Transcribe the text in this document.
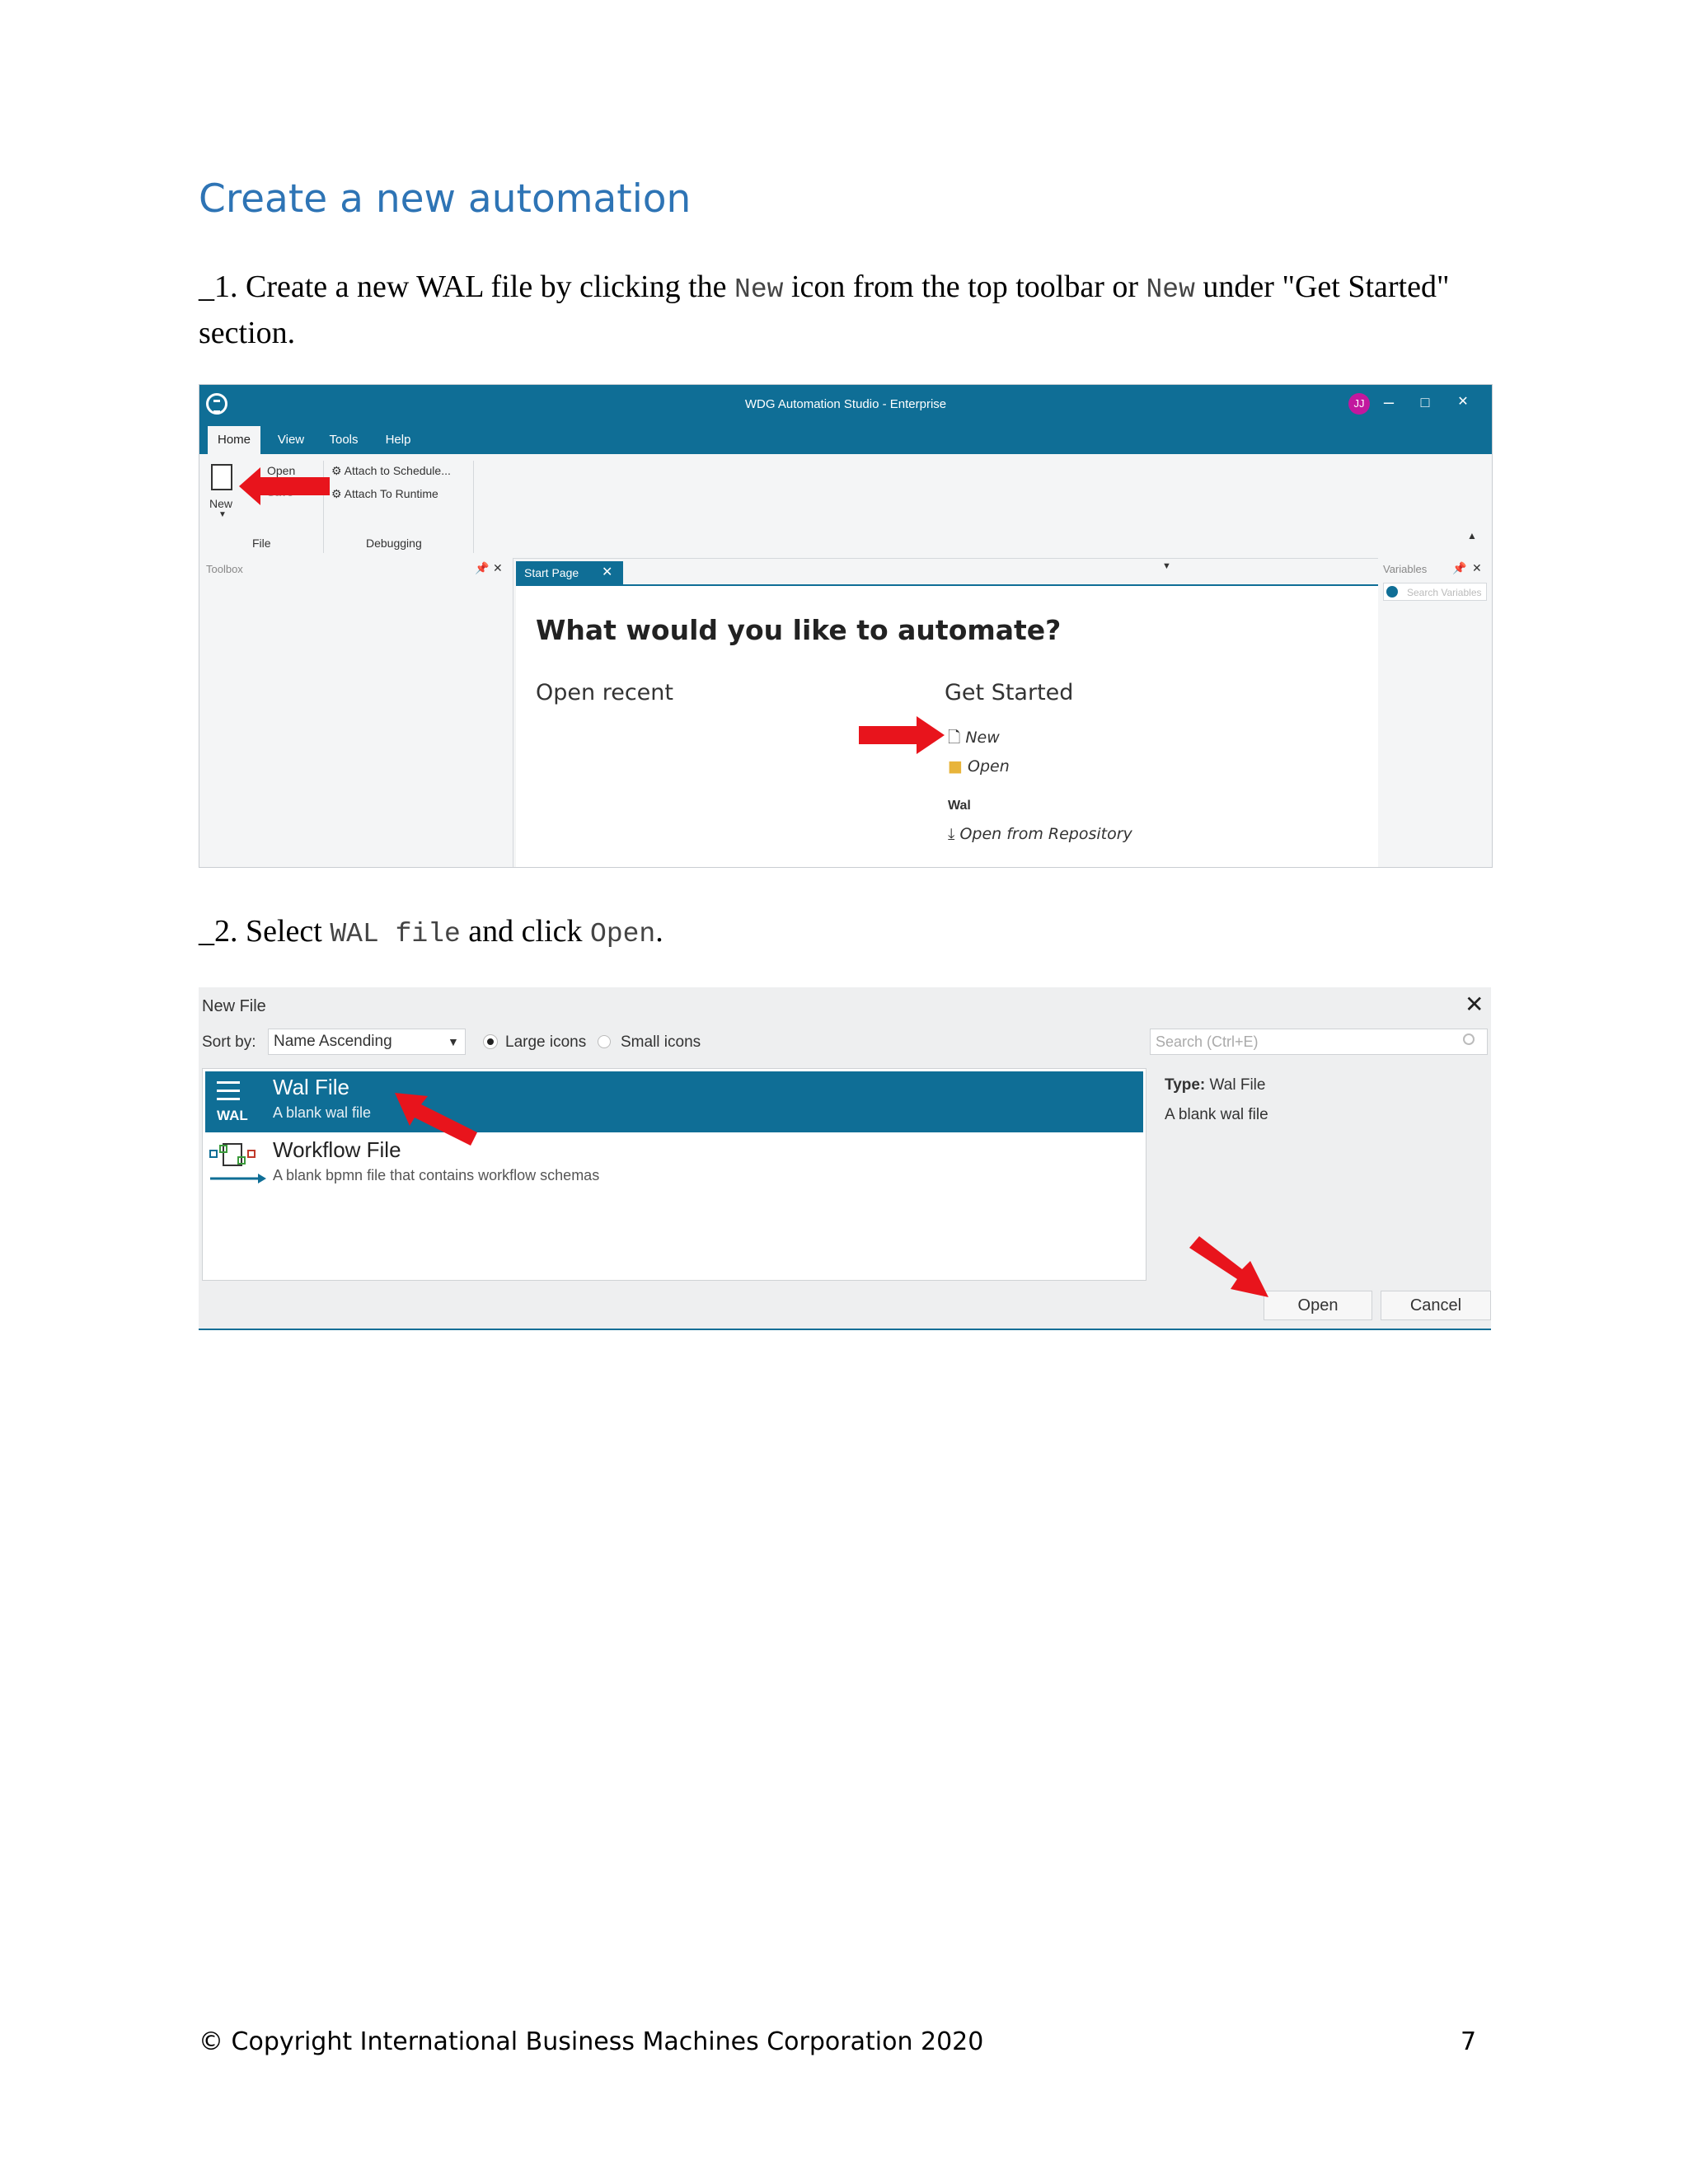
Create a new automation
_1. Create a new WAL file by clicking the New icon from the top toolbar or New under "Get Started" section.
WDG Automation Studio - Enterprise	JJ	‒	□	✕
Home	View	Tools	Help
New
▼
Open
File
⚙ Attach to Schedule...
⚙ Attach To Runtime
Debugging
▲
Toolbox	📌 ✕	Start Page	✕	▼
What would you like to automate?
Open recent	Get Started
🗋 New
■ Open
Wal
⤓ Open from Repository
Variables 📌 ✕
Search Variables
_2. Select WAL file and click Open.
New File	✕
Sort by:	Name Ascending	▼	Large icons Small icons	Search (Ctrl+E)
WAL
Wal File
A blank wal file
Workflow File
A blank bpmn file that contains workflow schemas
Type: Wal File
A blank wal file
Open	Cancel
© Copyright International Business Machines Corporation 2020	7
